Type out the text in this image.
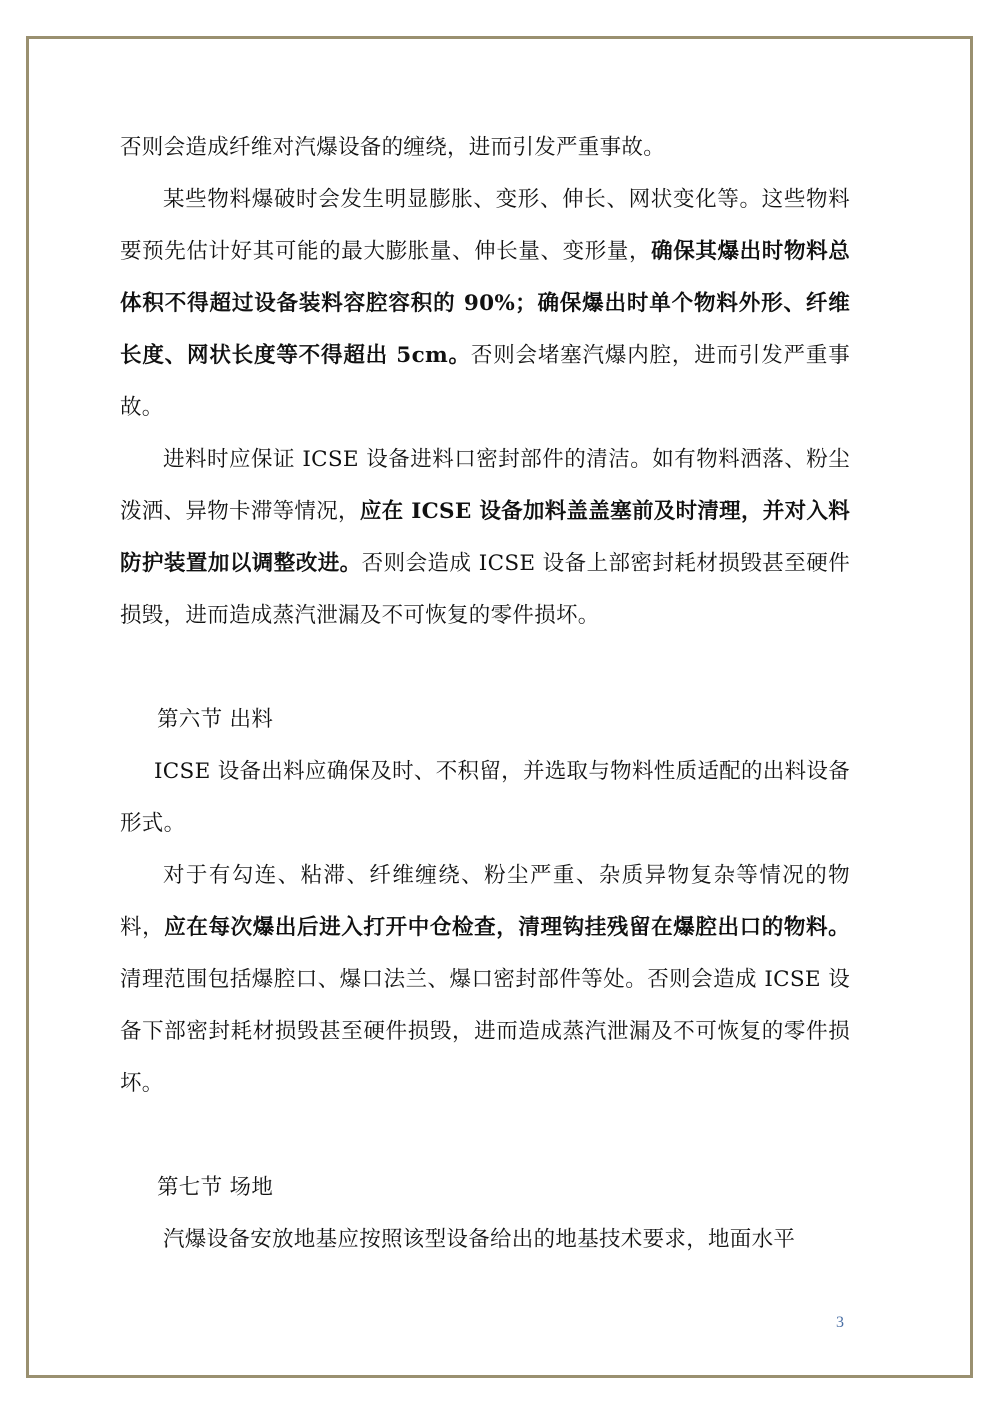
否则会造成纤维对汽爆设备的缠绕，进而引发严重事故。

某些物料爆破时会发生明显膨胀、变形、伸长、网状变化等。这些物料要预先估计好其可能的最大膨胀量、伸长量、变形量，确保其爆出时物料总体积不得超过设备装料容腔容积的 90%；确保爆出时单个物料外形、纤维长度、网状长度等不得超出 5cm。否则会堵塞汽爆内腔，进而引发严重事故。

进料时应保证 ICSE 设备进料口密封部件的清洁。如有物料洒落、粉尘泼洒、异物卡滞等情况，应在 ICSE 设备加料盖盖塞前及时清理，并对入料防护装置加以调整改进。否则会造成 ICSE 设备上部密封耗材损毁甚至硬件损毁，进而造成蒸汽泄漏及不可恢复的零件损坏。

第六节 出料

ICSE 设备出料应确保及时、不积留，并选取与物料性质适配的出料设备形式。

对于有勾连、粘滞、纤维缠绕、粉尘严重、杂质异物复杂等情况的物料，应在每次爆出后进入打开中仓检查，清理钩挂残留在爆腔出口的物料。清理范围包括爆腔口、爆口法兰、爆口密封部件等处。否则会造成 ICSE 设备下部密封耗材损毁甚至硬件损毁，进而造成蒸汽泄漏及不可恢复的零件损坏。

第七节 场地

汽爆设备安放地基应按照该型设备给出的地基技术要求，地面水平

3
